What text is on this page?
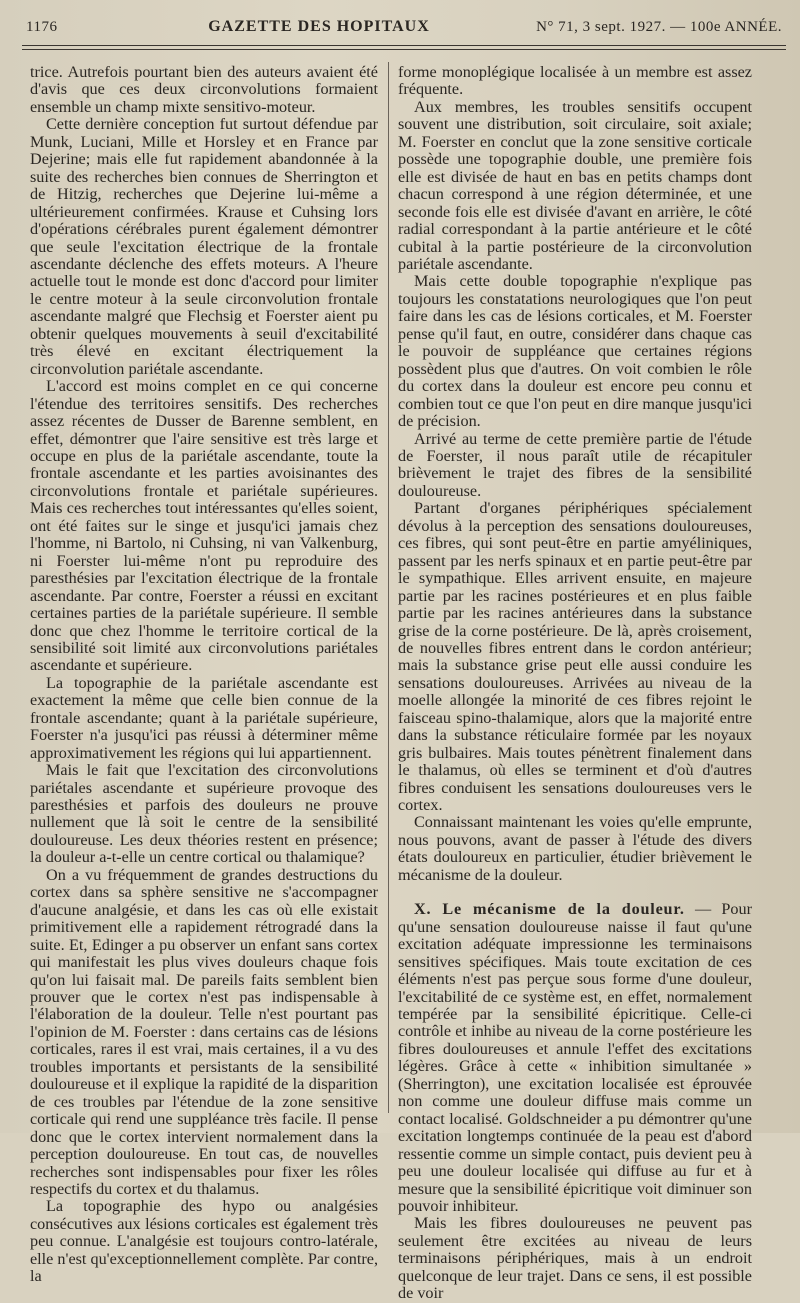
1176	GAZETTE DES HOPITAUX	N° 71, 3 sept. 1927. — 100e ANNÉE.

trice. Autrefois pourtant bien des auteurs avaient été d'avis que ces deux circonvolutions formaient ensemble un champ mixte sensitivo-moteur.

Cette dernière conception fut surtout défendue par Munk, Luciani, Mille et Horsley et en France par Dejerine; mais elle fut rapidement abandonnée à la suite des recherches bien connues de Sherrington et de Hitzig, recherches que Dejerine lui-même a ultérieurement confirmées. Krause et Cuhsing lors d'opérations cérébrales purent également démontrer que seule l'excitation électrique de la frontale ascendante déclenche des effets moteurs. A l'heure actuelle tout le monde est donc d'accord pour limiter le centre moteur à la seule circonvolution frontale ascendante malgré que Flechsig et Foerster aient pu obtenir quelques mouvements à seuil d'excitabilité très élevé en excitant électriquement la circonvolution pariétale ascendante.

L'accord est moins complet en ce qui concerne l'étendue des territoires sensitifs. Des recherches assez récentes de Dusser de Barenne semblent, en effet, démontrer que l'aire sensitive est très large et occupe en plus de la pariétale ascendante, toute la frontale ascendante et les parties avoisinantes des circonvolutions frontale et pariétale supérieures. Mais ces recherches tout intéressantes qu'elles soient, ont été faites sur le singe et jusqu'ici jamais chez l'homme, ni Bartolo, ni Cuhsing, ni van Valkenburg, ni Foerster lui-même n'ont pu reproduire des paresthésies par l'excitation électrique de la frontale ascendante. Par contre, Foerster a réussi en excitant certaines parties de la pariétale supérieure. Il semble donc que chez l'homme le territoire cortical de la sensibilité soit limité aux circonvolutions pariétales ascendante et supérieure.

La topographie de la pariétale ascendante est exactement la même que celle bien connue de la frontale ascendante; quant à la pariétale supérieure, Foerster n'a jusqu'ici pas réussi à déterminer même approximativement les régions qui lui appartiennent.

Mais le fait que l'excitation des circonvolutions pariétales ascendante et supérieure provoque des paresthésies et parfois des douleurs ne prouve nullement que là soit le centre de la sensibilité douloureuse. Les deux théories restent en présence; la douleur a-t-elle un centre cortical ou thalamique?

On a vu fréquemment de grandes destructions du cortex dans sa sphère sensitive ne s'accompagner d'aucune analgésie, et dans les cas où elle existait primitivement elle a rapidement rétrogradé dans la suite. Et, Edinger a pu observer un enfant sans cortex qui manifestait les plus vives douleurs chaque fois qu'on lui faisait mal. De pareils faits semblent bien prouver que le cortex n'est pas indispensable à l'élaboration de la douleur. Telle n'est pourtant pas l'opinion de M. Foerster : dans certains cas de lésions corticales, rares il est vrai, mais certaines, il a vu des troubles importants et persistants de la sensibilité douloureuse et il explique la rapidité de la disparition de ces troubles par l'étendue de la zone sensitive corticale qui rend une suppléance très facile. Il pense donc que le cortex intervient normalement dans la perception douloureuse. En tout cas, de nouvelles recherches sont indispensables pour fixer les rôles respectifs du cortex et du thalamus.

La topographie des hypo ou analgésies consécutives aux lésions corticales est également très peu connue. L'analgésie est toujours contro-latérale, elle n'est qu'exceptionnellement complète. Par contre, la

forme monoplégique localisée à un membre est assez fréquente.

Aux membres, les troubles sensitifs occupent souvent une distribution, soit circulaire, soit axiale; M. Foerster en conclut que la zone sensitive corticale possède une topographie double, une première fois elle est divisée de haut en bas en petits champs dont chacun correspond à une région déterminée, et une seconde fois elle est divisée d'avant en arrière, le côté radial correspondant à la partie antérieure et le côté cubital à la partie postérieure de la circonvolution pariétale ascendante.

Mais cette double topographie n'explique pas toujours les constatations neurologiques que l'on peut faire dans les cas de lésions corticales, et M. Foerster pense qu'il faut, en outre, considérer dans chaque cas le pouvoir de suppléance que certaines régions possèdent plus que d'autres. On voit combien le rôle du cortex dans la douleur est encore peu connu et combien tout ce que l'on peut en dire manque jusqu'ici de précision.

Arrivé au terme de cette première partie de l'étude de Foerster, il nous paraît utile de récapituler brièvement le trajet des fibres de la sensibilité douloureuse.

Partant d'organes périphériques spécialement dévolus à la perception des sensations douloureuses, ces fibres, qui sont peut-être en partie amyéliniques, passent par les nerfs spinaux et en partie peut-être par le sympathique. Elles arrivent ensuite, en majeure partie par les racines postérieures et en plus faible partie par les racines antérieures dans la substance grise de la corne postérieure. De là, après croisement, de nouvelles fibres entrent dans le cordon antérieur; mais la substance grise peut elle aussi conduire les sensations douloureuses. Arrivées au niveau de la moelle allongée la minorité de ces fibres rejoint le faisceau spino-thalamique, alors que la majorité entre dans la substance réticulaire formée par les noyaux gris bulbaires. Mais toutes pénètrent finalement dans le thalamus, où elles se terminent et d'où d'autres fibres conduisent les sensations douloureuses vers le cortex.

Connaissant maintenant les voies qu'elle emprunte, nous pouvons, avant de passer à l'étude des divers états douloureux en particulier, étudier brièvement le mécanisme de la douleur.

X. Le mécanisme de la douleur. — Pour qu'une sensation douloureuse naisse il faut qu'une excitation adéquate impressionne les terminaisons sensitives spécifiques. Mais toute excitation de ces éléments n'est pas perçue sous forme d'une douleur, l'excitabilité de ce système est, en effet, normalement tempérée par la sensibilité épicritique. Celle-ci contrôle et inhibe au niveau de la corne postérieure les fibres douloureuses et annule l'effet des excitations légères. Grâce à cette « inhibition simultanée » (Sherrington), une excitation localisée est éprouvée non comme une douleur diffuse mais comme un contact localisé. Goldschneider a pu démontrer qu'une excitation longtemps continuée de la peau est d'abord ressentie comme un simple contact, puis devient peu à peu une douleur localisée qui diffuse au fur et à mesure que la sensibilité épicritique voit diminuer son pouvoir inhibiteur.

Mais les fibres douloureuses ne peuvent pas seulement être excitées au niveau de leurs terminaisons périphériques, mais à un endroit quelconque de leur trajet. Dans ce sens, il est possible de voir
